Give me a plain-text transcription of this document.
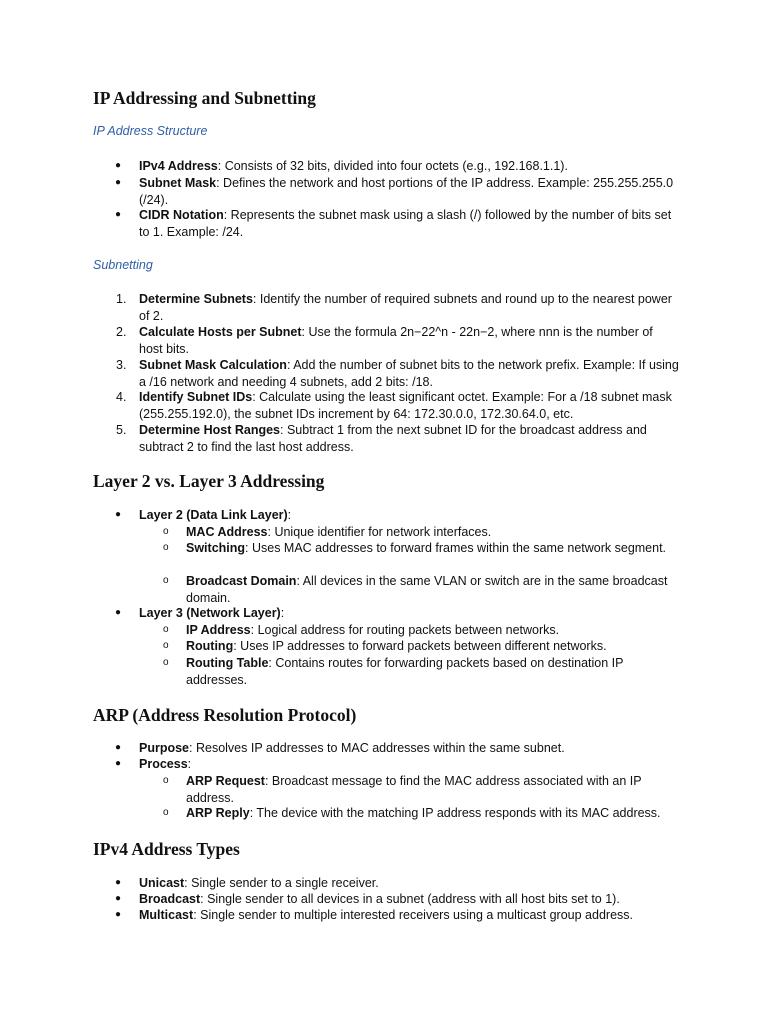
IP Addressing and Subnetting
IP Address Structure
● IPv4 Address: Consists of 32 bits, divided into four octets (e.g., 192.168.1.1).
● Subnet Mask: Defines the network and host portions of the IP address. Example: 255.255.255.0 (/24).
● CIDR Notation: Represents the subnet mask using a slash (/) followed by the number of bits set to 1. Example: /24.
Subnetting
1. Determine Subnets: Identify the number of required subnets and round up to the nearest power of 2.
2. Calculate Hosts per Subnet: Use the formula 2n−22^n - 22n−2, where nnn is the number of host bits.
3. Subnet Mask Calculation: Add the number of subnet bits to the network prefix. Example: If using a /16 network and needing 4 subnets, add 2 bits: /18.
4. Identify Subnet IDs: Calculate using the least significant octet. Example: For a /18 subnet mask (255.255.192.0), the subnet IDs increment by 64: 172.30.0.0, 172.30.64.0, etc.
5. Determine Host Ranges: Subtract 1 from the next subnet ID for the broadcast address and subtract 2 to find the last host address.
Layer 2 vs. Layer 3 Addressing
● Layer 2 (Data Link Layer):
o MAC Address: Unique identifier for network interfaces.
o Switching: Uses MAC addresses to forward frames within the same network segment.
o Broadcast Domain: All devices in the same VLAN or switch are in the same broadcast domain.
● Layer 3 (Network Layer):
o IP Address: Logical address for routing packets between networks.
o Routing: Uses IP addresses to forward packets between different networks.
o Routing Table: Contains routes for forwarding packets based on destination IP addresses.
ARP (Address Resolution Protocol)
● Purpose: Resolves IP addresses to MAC addresses within the same subnet.
● Process:
o ARP Request: Broadcast message to find the MAC address associated with an IP address.
o ARP Reply: The device with the matching IP address responds with its MAC address.
IPv4 Address Types
● Unicast: Single sender to a single receiver.
● Broadcast: Single sender to all devices in a subnet (address with all host bits set to 1).
● Multicast: Single sender to multiple interested receivers using a multicast group address.
